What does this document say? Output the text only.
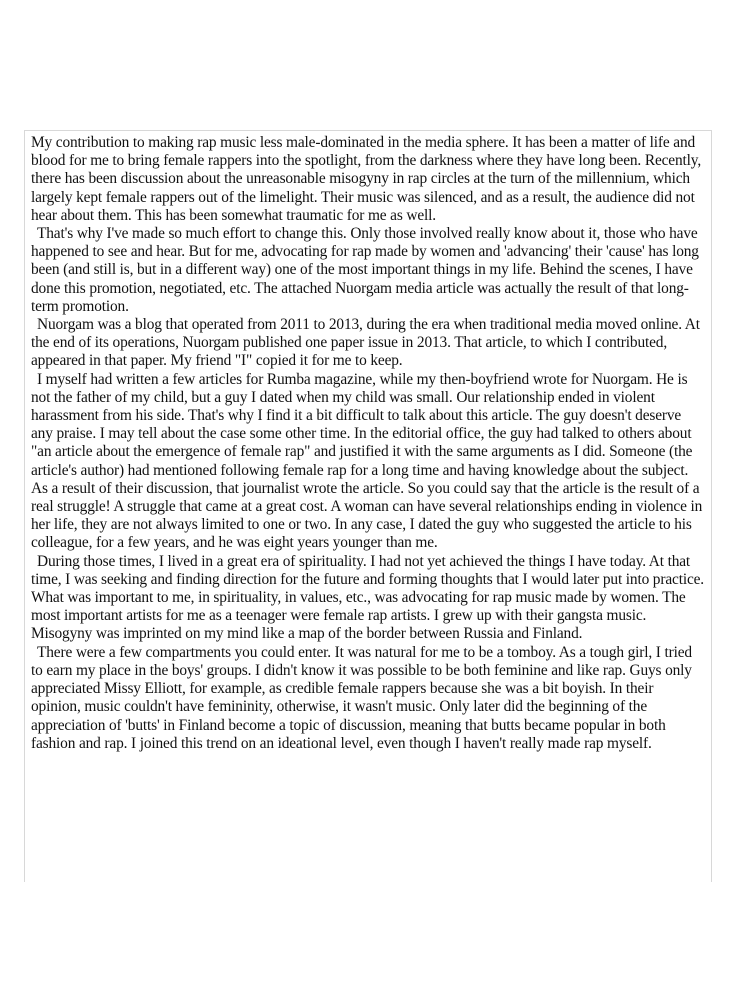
My contribution to making rap music less male-dominated in the media sphere. It has been a matter of life and blood for me to bring female rappers into the spotlight, from the darkness where they have long been. Recently, there has been discussion about the unreasonable misogyny in rap circles at the turn of the millennium, which largely kept female rappers out of the limelight. Their music was silenced, and as a result, the audience did not hear about them. This has been somewhat traumatic for me as well.

That's why I've made so much effort to change this. Only those involved really know about it, those who have happened to see and hear. But for me, advocating for rap made by women and 'advancing' their 'cause' has long been (and still is, but in a different way) one of the most important things in my life. Behind the scenes, I have done this promotion, negotiated, etc. The attached Nuorgam media article was actually the result of that long-term promotion.

Nuorgam was a blog that operated from 2011 to 2013, during the era when traditional media moved online. At the end of its operations, Nuorgam published one paper issue in 2013. That article, to which I contributed, appeared in that paper. My friend "I" copied it for me to keep.

I myself had written a few articles for Rumba magazine, while my then-boyfriend wrote for Nuorgam. He is not the father of my child, but a guy I dated when my child was small. Our relationship ended in violent harassment from his side. That's why I find it a bit difficult to talk about this article. The guy doesn't deserve any praise. I may tell about the case some other time. In the editorial office, the guy had talked to others about "an article about the emergence of female rap" and justified it with the same arguments as I did. Someone (the article's author) had mentioned following female rap for a long time and having knowledge about the subject. As a result of their discussion, that journalist wrote the article. So you could say that the article is the result of a real struggle! A struggle that came at a great cost. A woman can have several relationships ending in violence in her life, they are not always limited to one or two. In any case, I dated the guy who suggested the article to his colleague, for a few years, and he was eight years younger than me.

During those times, I lived in a great era of spirituality. I had not yet achieved the things I have today. At that time, I was seeking and finding direction for the future and forming thoughts that I would later put into practice. What was important to me, in spirituality, in values, etc., was advocating for rap music made by women. The most important artists for me as a teenager were female rap artists. I grew up with their gangsta music. Misogyny was imprinted on my mind like a map of the border between Russia and Finland.

There were a few compartments you could enter. It was natural for me to be a tomboy. As a tough girl, I tried to earn my place in the boys' groups. I didn't know it was possible to be both feminine and like rap. Guys only appreciated Missy Elliott, for example, as credible female rappers because she was a bit boyish. In their opinion, music couldn't have femininity, otherwise, it wasn't music. Only later did the beginning of the appreciation of 'butts' in Finland become a topic of discussion, meaning that butts became popular in both fashion and rap. I joined this trend on an ideational level, even though I haven't really made rap myself.
